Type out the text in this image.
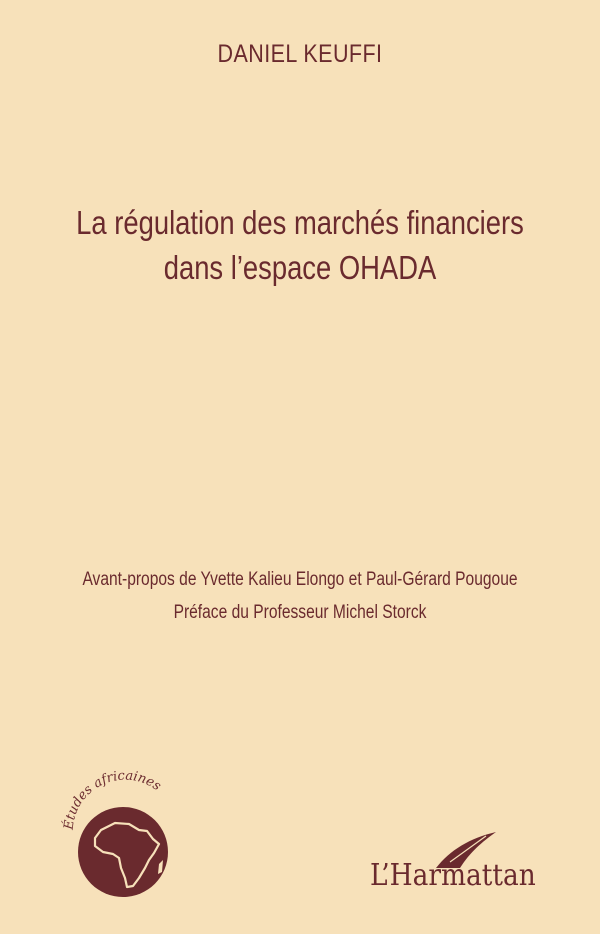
DANIEL KEUFFI
La régulation des marchés financiers
dans l’espace OHADA
Avant-propos de Yvette Kalieu Elongo et Paul-Gérard Pougoue
Préface du Professeur Michel Storck
Études africaines
L’Harmattan
